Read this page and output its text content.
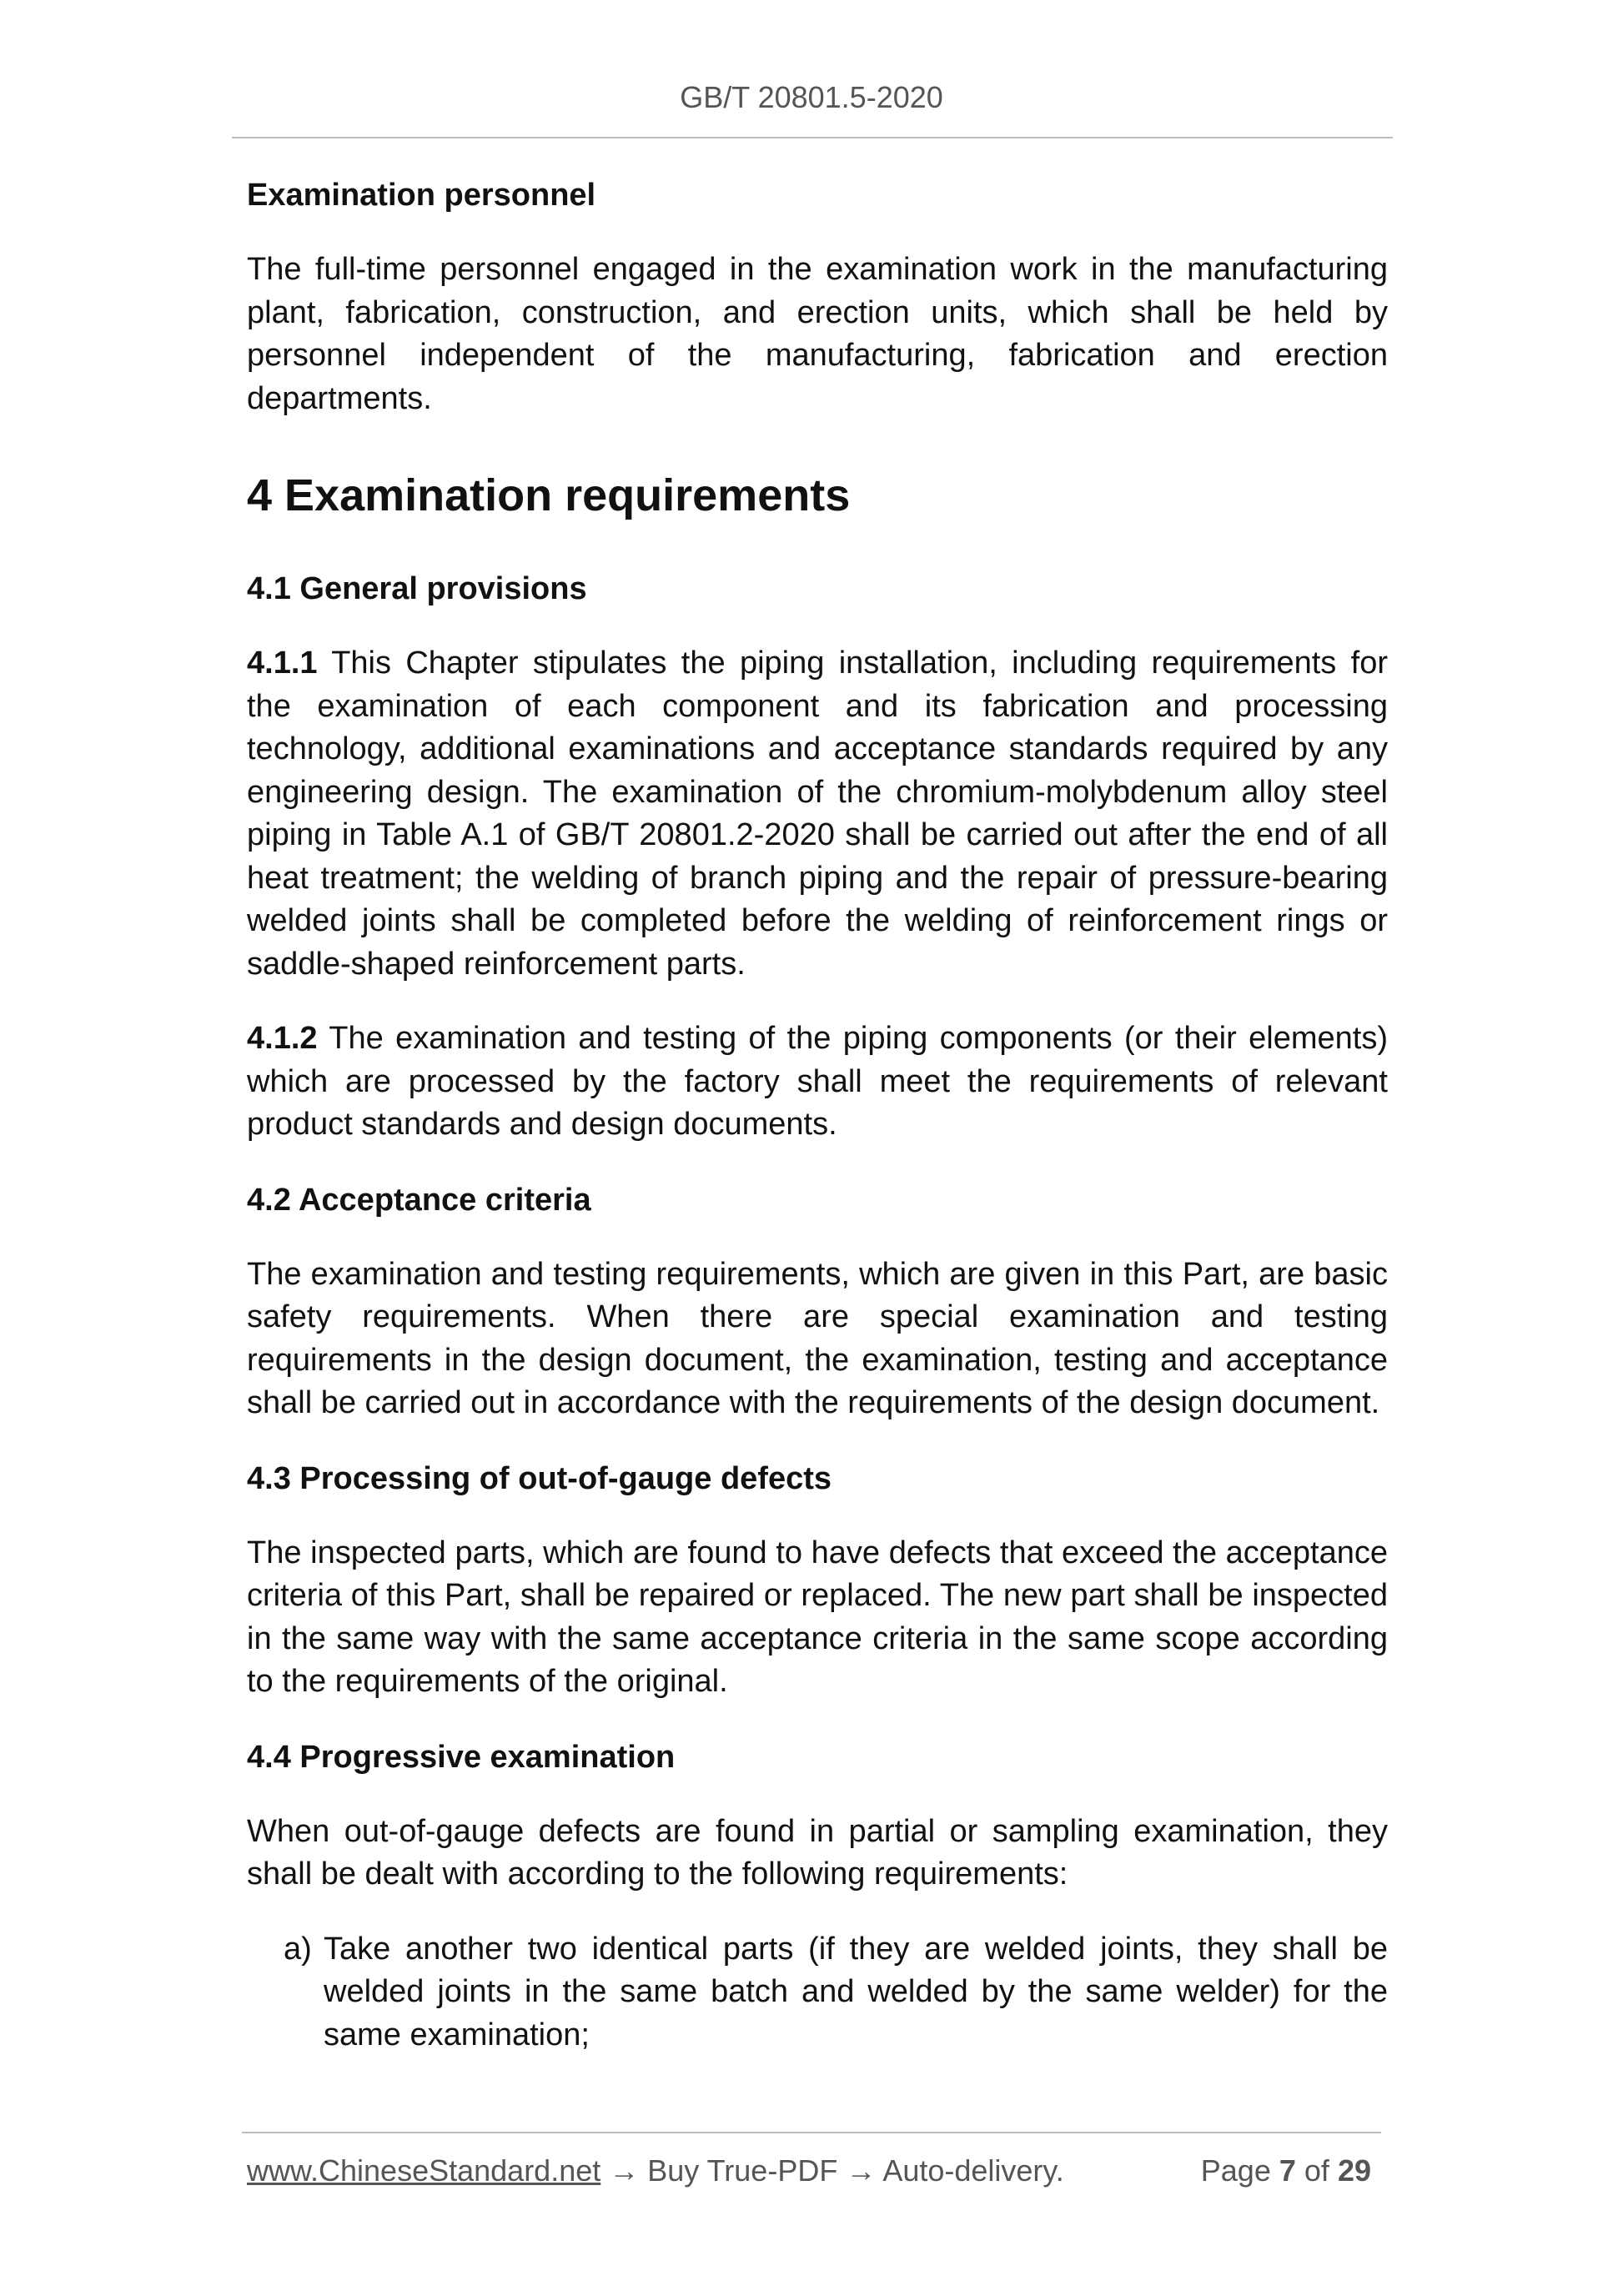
GB/T 20801.5-2020
Examination personnel

The full-time personnel engaged in the examination work in the manufacturing plant, fabrication, construction, and erection units, which shall be held by personnel independent of the manufacturing, fabrication and erection departments.

4 Examination requirements
4.1 General provisions

4.1.1 This Chapter stipulates the piping installation, including requirements for the examination of each component and its fabrication and processing technology, additional examinations and acceptance standards required by any engineering design. The examination of the chromium-molybdenum alloy steel piping in Table A.1 of GB/T 20801.2-2020 shall be carried out after the end of all heat treatment; the welding of branch piping and the repair of pressure-bearing welded joints shall be completed before the welding of reinforcement rings or saddle-shaped reinforcement parts.

4.1.2 The examination and testing of the piping components (or their elements) which are processed by the factory shall meet the requirements of relevant product standards and design documents.

4.2 Acceptance criteria

The examination and testing requirements, which are given in this Part, are basic safety requirements. When there are special examination and testing requirements in the design document, the examination, testing and acceptance shall be carried out in accordance with the requirements of the design document.

4.3 Processing of out-of-gauge defects

The inspected parts, which are found to have defects that exceed the acceptance criteria of this Part, shall be repaired or replaced. The new part shall be inspected in the same way with the same acceptance criteria in the same scope according to the requirements of the original.

4.4 Progressive examination

When out-of-gauge defects are found in partial or sampling examination, they shall be dealt with according to the following requirements:

a) Take another two identical parts (if they are welded joints, they shall be welded joints in the same batch and welded by the same welder) for the same examination;
www.ChineseStandard.net → Buy True-PDF → Auto-delivery.	Page 7 of 29
